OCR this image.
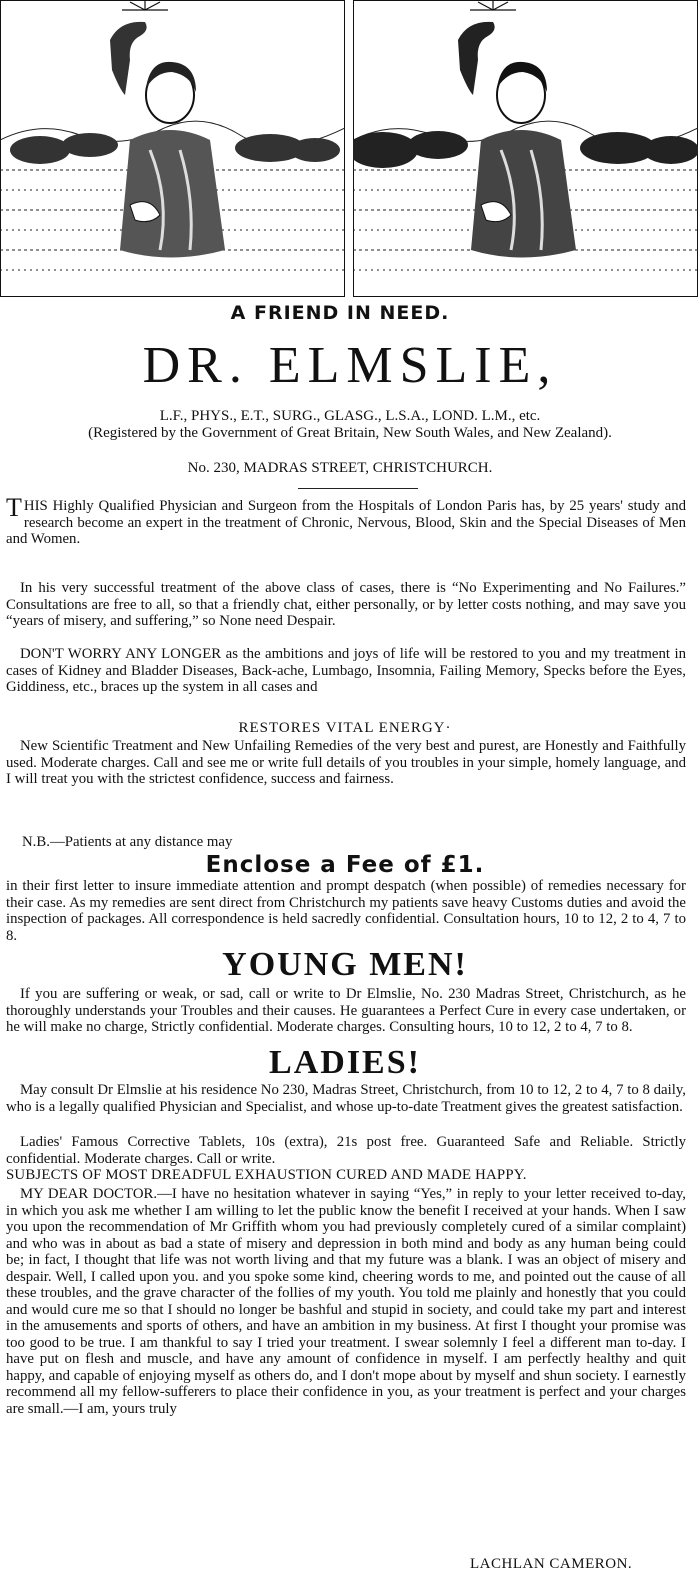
A FRIEND IN NEED.
DR. ELMSLIE,
L.F., PHYS., E.T., SURG., GLASG., L.S.A., LOND. L.M., etc.
(Registered by the Government of Great Britain, New South Wales, and New Zealand).
No. 230, MADRAS STREET, CHRISTCHURCH.
THIS Highly Qualified Physician and Surgeon from the Hospitals of London Paris has, by 25 years' study and research become an expert in the treatment of Chronic, Nervous, Blood, Skin and the Special Diseases of Men and Women.
In his very successful treatment of the above class of cases, there is “No Experimenting and No Failures.” Consultations are free to all, so that a friendly chat, either personally, or by letter costs nothing, and may save you “years of misery, and suffering,” so None need Despair.
DON'T WORRY ANY LONGER as the ambitions and joys of life will be restored to you and my treatment in cases of Kidney and Bladder Diseases, Back-ache, Lumbago, Insomnia, Failing Memory, Specks before the Eyes, Giddiness, etc., braces up the system in all cases and
RESTORES VITAL ENERGY·
New Scientific Treatment and New Unfailing Remedies of the very best and purest, are Honestly and Faithfully used. Moderate charges. Call and see me or write full details of you troubles in your simple, homely language, and I will treat you with the strictest confidence, success and fairness.
N.B.—Patients at any distance may
Enclose a Fee of £1.
in their first letter to insure immediate attention and prompt despatch (when possible) of remedies necessary for their case. As my remedies are sent direct from Christchurch my patients save heavy Customs duties and avoid the inspection of packages. All correspondence is held sacredly confidential. Consultation hours, 10 to 12, 2 to 4, 7 to 8.
YOUNG MEN!
If you are suffering or weak, or sad, call or write to Dr Elmslie, No. 230 Madras Street, Christchurch, as he thoroughly understands your Troubles and their causes. He guarantees a Perfect Cure in every case undertaken, or he will make no charge, Strictly confidential. Moderate charges. Consulting hours, 10 to 12, 2 to 4, 7 to 8.
LADIES!
May consult Dr Elmslie at his residence No 230, Madras Street, Christchurch, from 10 to 12, 2 to 4, 7 to 8 daily, who is a legally qualified Physician and Specialist, and whose up-to-date Treatment gives the greatest satisfaction.
Ladies' Famous Corrective Tablets, 10s (extra), 21s post free. Guaranteed Safe and Reliable. Strictly confidential. Moderate charges. Call or write.
SUBJECTS OF MOST DREADFUL EXHAUSTION CURED AND MADE HAPPY.
MY DEAR DOCTOR.—I have no hesitation whatever in saying “Yes,” in reply to your letter received to-day, in which you ask me whether I am willing to let the public know the benefit I received at your hands. When I saw you upon the recommendation of Mr Griffith whom you had previously completely cured of a similar complaint) and who was in about as bad a state of misery and depression in both mind and body as any human being could be; in fact, I thought that life was not worth living and that my future was a blank. I was an object of misery and despair. Well, I called upon you. and you spoke some kind, cheering words to me, and pointed out the cause of all these troubles, and the grave character of the follies of my youth. You told me plainly and honestly that you could and would cure me so that I should no longer be bashful and stupid in society, and could take my part and interest in the amusements and sports of others, and have an ambition in my business. At first I thought your promise was too good to be true. I am thankful to say I tried your treatment. I swear solemnly I feel a different man to-day. I have put on flesh and muscle, and have any amount of confidence in myself. I am perfectly healthy and quit happy, and capable of enjoying myself as others do, and I don't mope about by myself and shun society. I earnestly recommend all my fellow-sufferers to place their confidence in you, as your treatment is perfect and your charges are small.—I am, yours truly
LACHLAN CAMERON.
